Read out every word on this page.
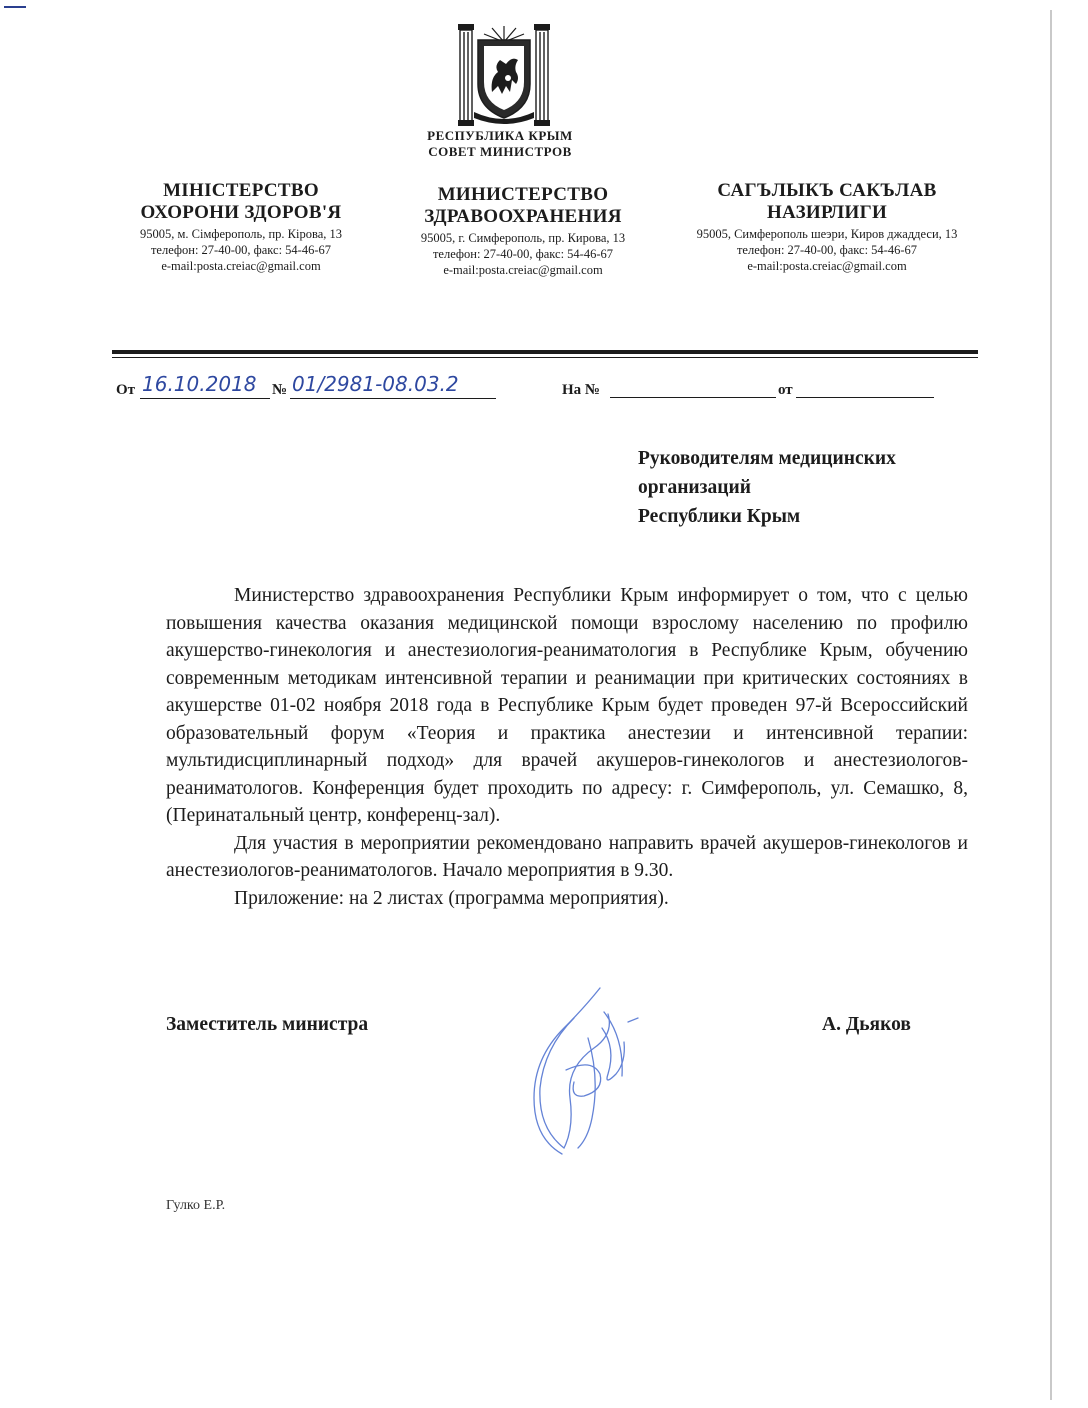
РЕСПУБЛИКА КРЫМ
СОВЕТ МИНИСТРОВ
МІНІСТЕРСТВО
ОХОРОНИ ЗДОРОВ'Я
95005, м. Сімферополь, пр. Кірова, 13
телефон: 27-40-00, факс: 54-46-67
e-mail:posta.creiac@gmail.com
МИНИСТЕРСТВО
ЗДРАВООХРАНЕНИЯ
95005, г. Симферополь, пр. Кирова, 13
телефон: 27-40-00, факс: 54-46-67
e-mail:posta.creiac@gmail.com
САГЪЛЫКЪ САКЪЛАВ
НАЗИРЛИГИ
95005, Симферополь шеэри, Киров джаддеси, 13
телефон: 27-40-00, факс: 54-46-67
e-mail:posta.creiac@gmail.com
От 16.10.2018 № 01/2981-08.03.2	На №	от
Руководителям медицинских
организаций
Республики Крым

Министерство здравоохранения Республики Крым информирует о том, что с целью повышения качества оказания медицинской помощи взрослому населению по профилю акушерство-гинекология и анестезиология-реаниматология в Республике Крым, обучению современным методикам интенсивной терапии и реанимации при критических состояниях в акушерстве 01-02 ноября 2018 года в Республике Крым будет проведен 97-й Всероссийский образовательный форум «Теория и практика анестезии и интенсивной терапии: мультидисциплинарный подход» для врачей акушеров-гинекологов и анестезиологов-реаниматологов. Конференция будет проходить по адресу: г. Симферополь, ул. Семашко, 8, (Перинатальный центр, конференц-зал).

Для участия в мероприятии рекомендовано направить врачей акушеров-гинекологов и анестезиологов-реаниматологов. Начало мероприятия в 9.30.

Приложение: на 2 листах (программа мероприятия).

Заместитель министра	А. Дьяков
Гулко Е.Р.
